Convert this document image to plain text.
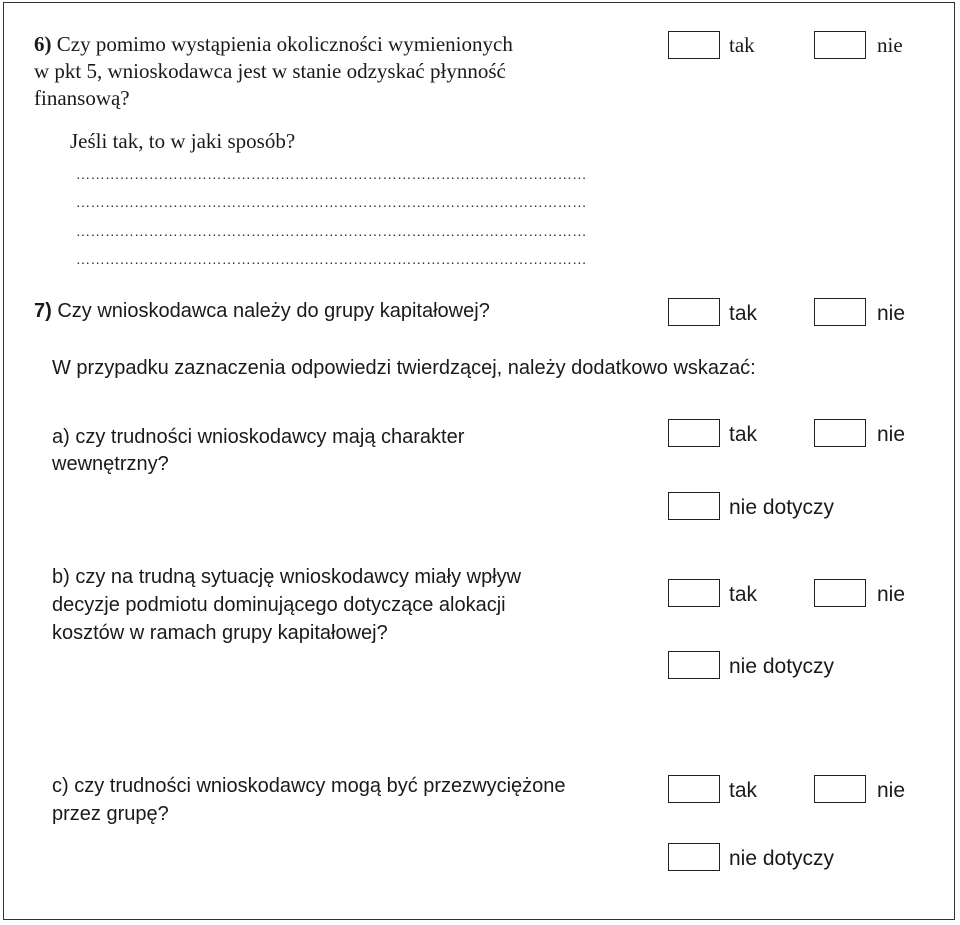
6) Czy pomimo wystąpienia okoliczności wymienionych
w pkt 5, wnioskodawca jest w stanie odzyskać płynność
finansową?
Jeśli tak, to w jaki sposób?
tak	nie
……………………………………………………………………………………………
……………………………………………………………………………………………
……………………………………………………………………………………………
……………………………………………………………………………………………
7) Czy wnioskodawca należy do grupy kapitałowej?	tak	nie
W przypadku zaznaczenia odpowiedzi twierdzącej, należy dodatkowo wskazać:
a) czy trudności wnioskodawcy mają charakter
wewnętrzny?
tak	nie
nie dotyczy
b) czy na trudną sytuację wnioskodawcy miały wpływ
decyzje podmiotu dominującego dotyczące alokacji
kosztów w ramach grupy kapitałowej?
tak	nie
nie dotyczy
c) czy trudności wnioskodawcy mogą być przezwyciężone
przez grupę?
tak	nie
nie dotyczy
